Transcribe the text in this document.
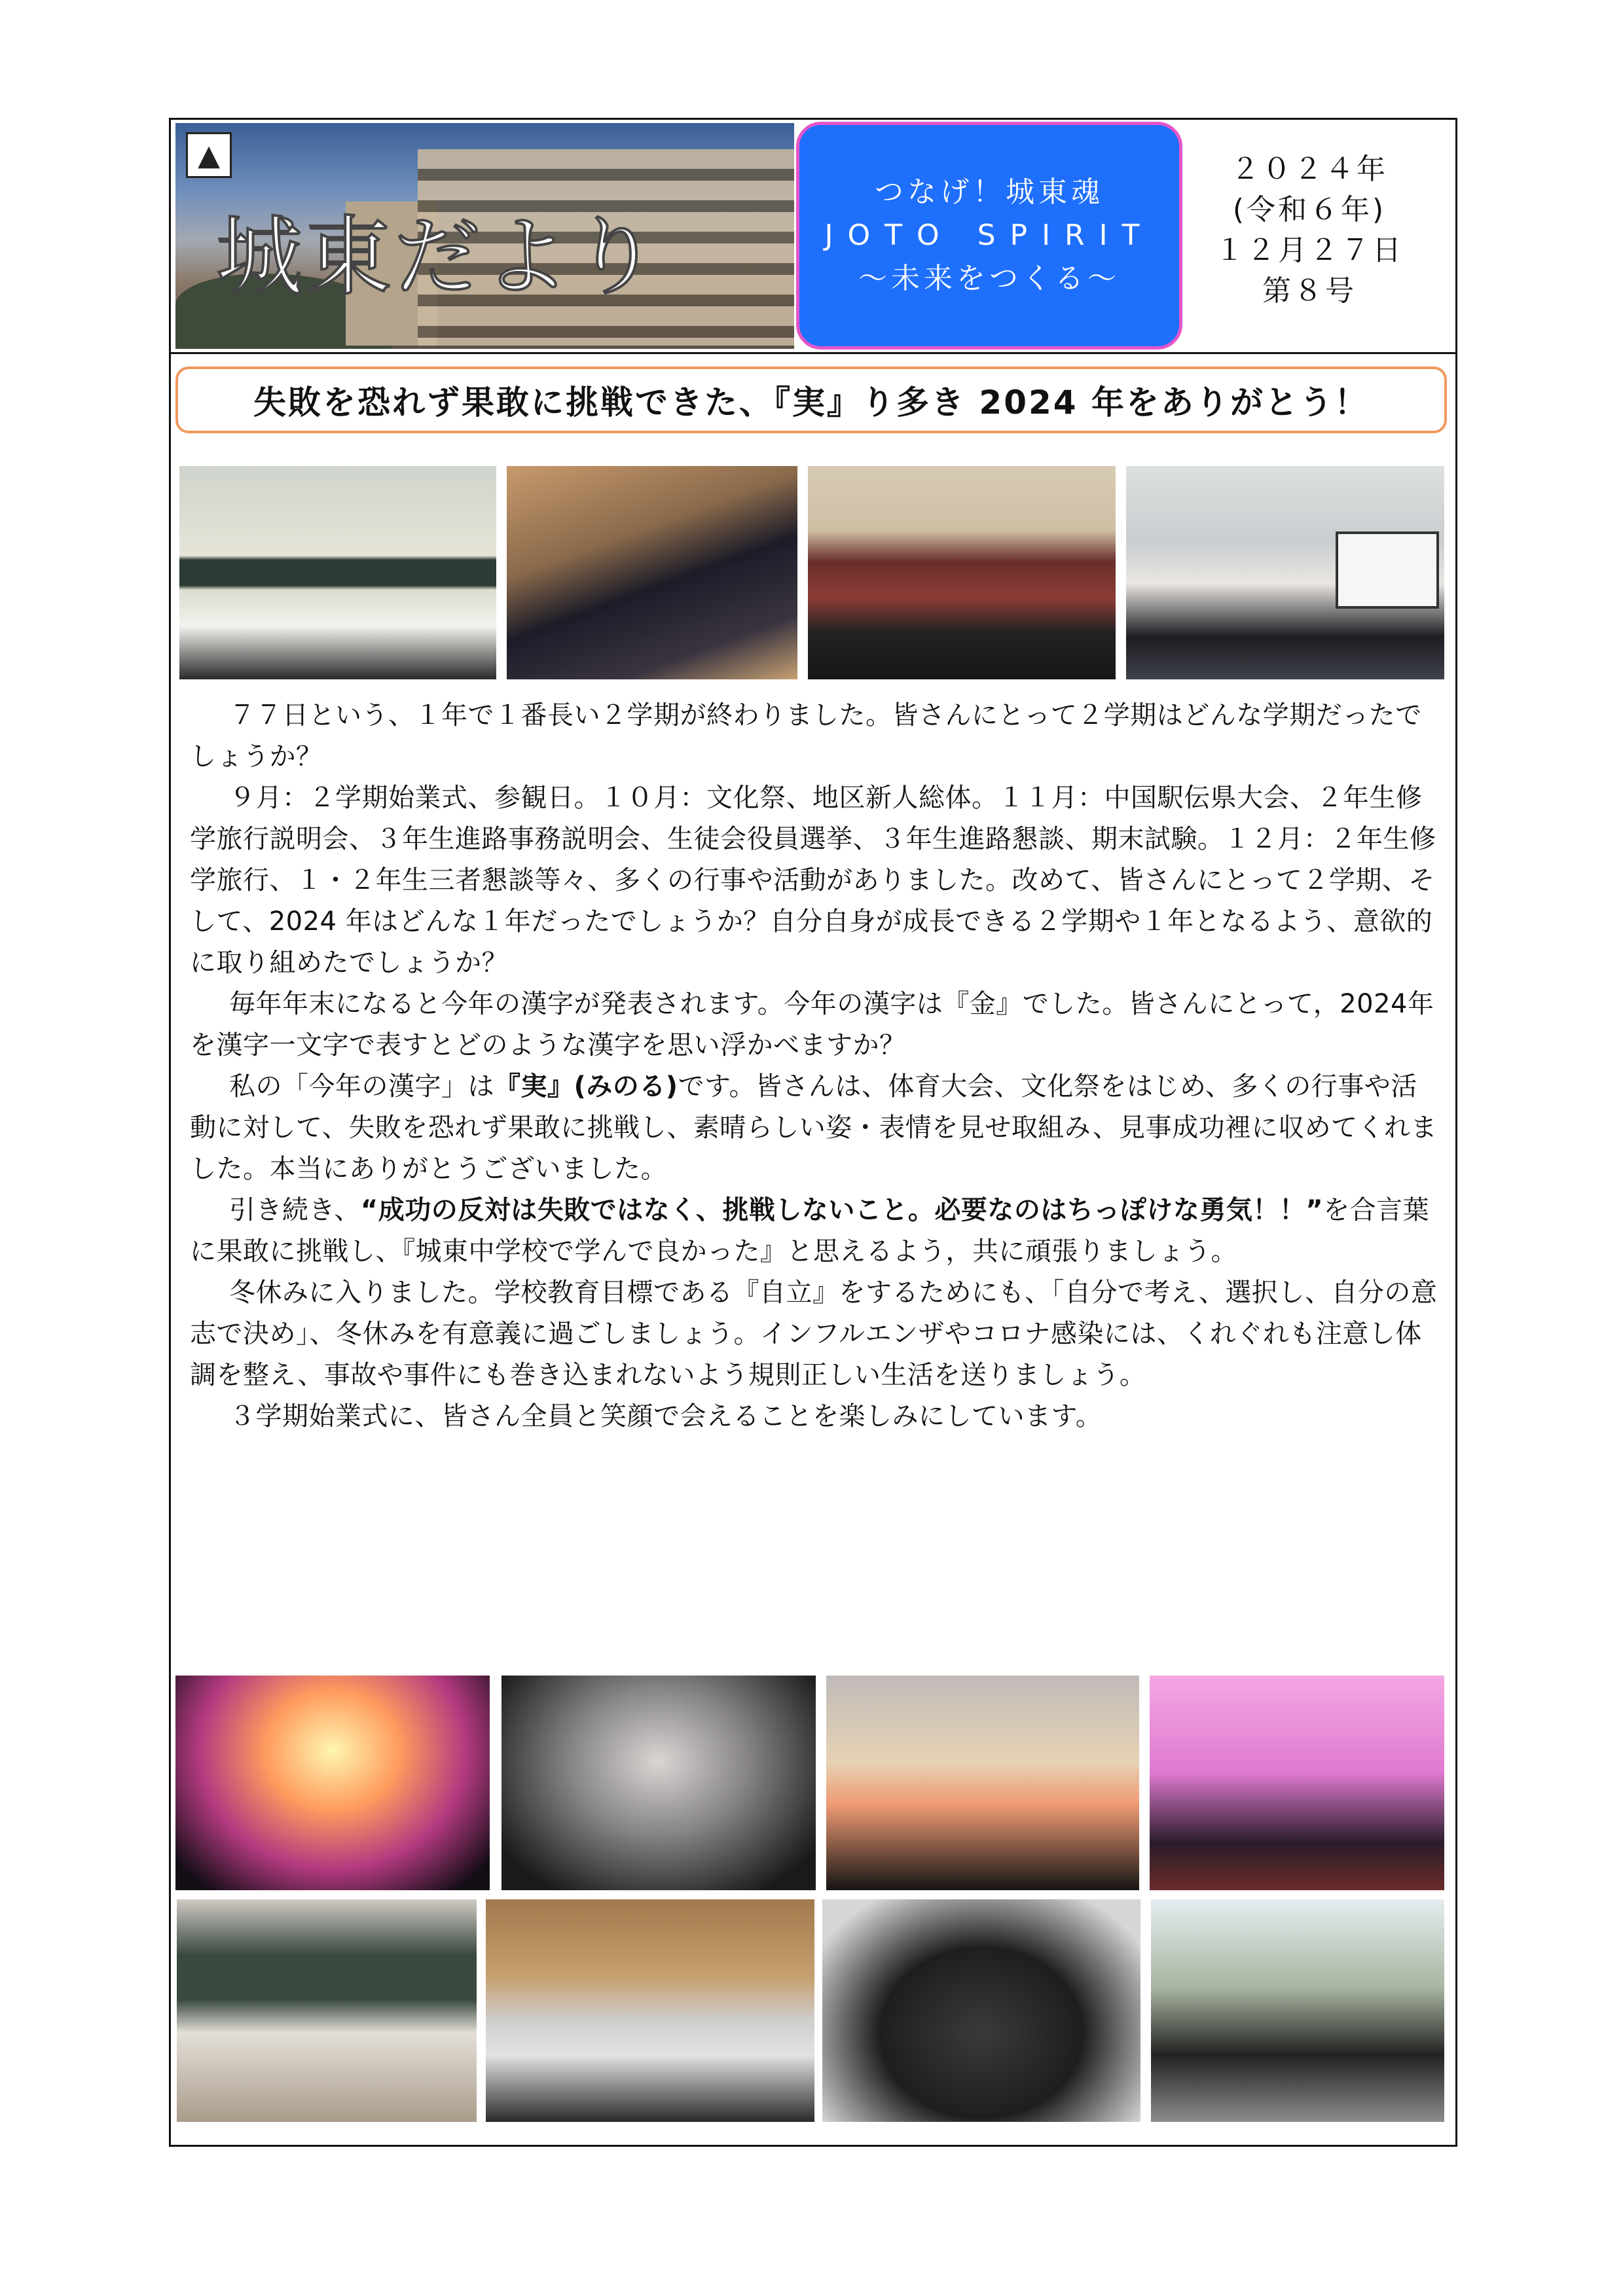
▲
城東だより
つなげ！城東魂
JOTO SPIRIT
～未来をつくる～
２０２４年
(令和６年)
１２月２７日
第８号
失敗を恐れず果敢に挑戦できた、『実』り多き 2024 年をありがとう！

７７日という、１年で１番長い２学期が終わりました。皆さんにとって２学期はどんな学期だったでしょうか？

９月：２学期始業式、参観日。１０月：文化祭、地区新人総体。１１月：中国駅伝県大会、２年生修学旅行説明会、３年生進路事務説明会、生徒会役員選挙、３年生進路懇談、期末試験。１２月：２年生修学旅行、１・２年生三者懇談等々、多くの行事や活動がありました。改めて、皆さんにとって２学期、そして、2024 年はどんな１年だったでしょうか？自分自身が成長できる２学期や１年となるよう、意欲的に取り組めたでしょうか？

毎年年末になると今年の漢字が発表されます。今年の漢字は『金』でした。皆さんにとって，2024年を漢字一文字で表すとどのような漢字を思い浮かべますか？

私の「今年の漢字」は『実』(みのる)です。皆さんは、体育大会、文化祭をはじめ、多くの行事や活動に対して、失敗を恐れず果敢に挑戦し、素晴らしい姿・表情を見せ取組み、見事成功裡に収めてくれました。本当にありがとうございました。

引き続き、“成功の反対は失敗ではなく、挑戦しないこと。必要なのはちっぽけな勇気！！”を合言葉に果敢に挑戦し、『城東中学校で学んで良かった』と思えるよう，共に頑張りましょう。

冬休みに入りました。学校教育目標である『自立』をするためにも、「自分で考え、選択し、自分の意志で決め」、冬休みを有意義に過ごしましょう。インフルエンザやコロナ感染には、くれぐれも注意し体調を整え、事故や事件にも巻き込まれないよう規則正しい生活を送りましょう。

３学期始業式に、皆さん全員と笑顔で会えることを楽しみにしています。
